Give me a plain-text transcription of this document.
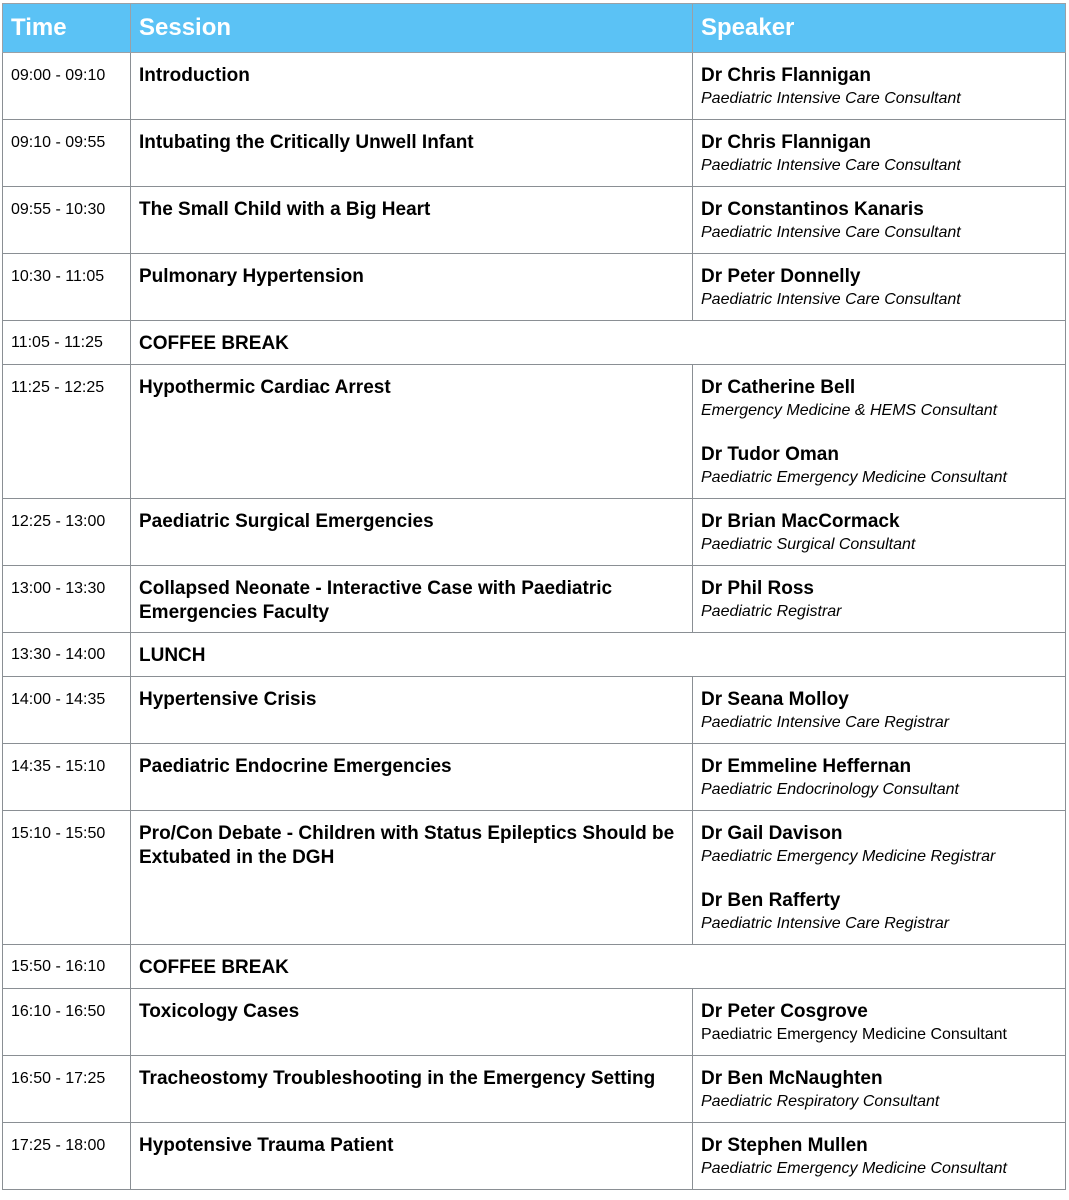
Time	Session	Speaker
09:00 - 09:10	Introduction	Dr Chris Flannigan
Paediatric Intensive Care Consultant

09:10 - 09:55	Intubating the Critically Unwell Infant	Dr Chris Flannigan
Paediatric Intensive Care Consultant

09:55 - 10:30	The Small Child with a Big Heart	Dr Constantinos Kanaris
Paediatric Intensive Care Consultant

10:30 - 11:05	Pulmonary Hypertension	Dr Peter Donnelly
Paediatric Intensive Care Consultant

11:05 - 11:25	COFFEE BREAK	
11:25 - 12:25	Hypothermic Cardiac Arrest	Dr Catherine Bell
Emergency Medicine & HEMS Consultant
Dr Tudor Oman
Paediatric Emergency Medicine Consultant

12:25 - 13:00	Paediatric Surgical Emergencies	Dr Brian MacCormack
Paediatric Surgical Consultant

13:00 - 13:30	Collapsed Neonate - Interactive Case with Paediatric Emergencies Faculty	Dr Phil Ross
Paediatric Registrar

13:30 - 14:00	LUNCH	
14:00 - 14:35	Hypertensive Crisis	Dr Seana Molloy
Paediatric Intensive Care Registrar

14:35 - 15:10	Paediatric Endocrine Emergencies	Dr Emmeline Heffernan
Paediatric Endocrinology Consultant

15:10 - 15:50	Pro/Con Debate - Children with Status Epileptics Should be Extubated in the DGH	Dr Gail Davison
Paediatric Emergency Medicine Registrar
Dr Ben Rafferty
Paediatric Intensive Care Registrar

15:50 - 16:10	COFFEE BREAK	
16:10 - 16:50	Toxicology Cases	Dr Peter Cosgrove
Paediatric Emergency Medicine Consultant

16:50 - 17:25	Tracheostomy Troubleshooting in the Emergency Setting	Dr Ben McNaughten
Paediatric Respiratory Consultant

17:25 - 18:00	Hypotensive Trauma Patient	Dr Stephen Mullen
Paediatric Emergency Medicine Consultant
